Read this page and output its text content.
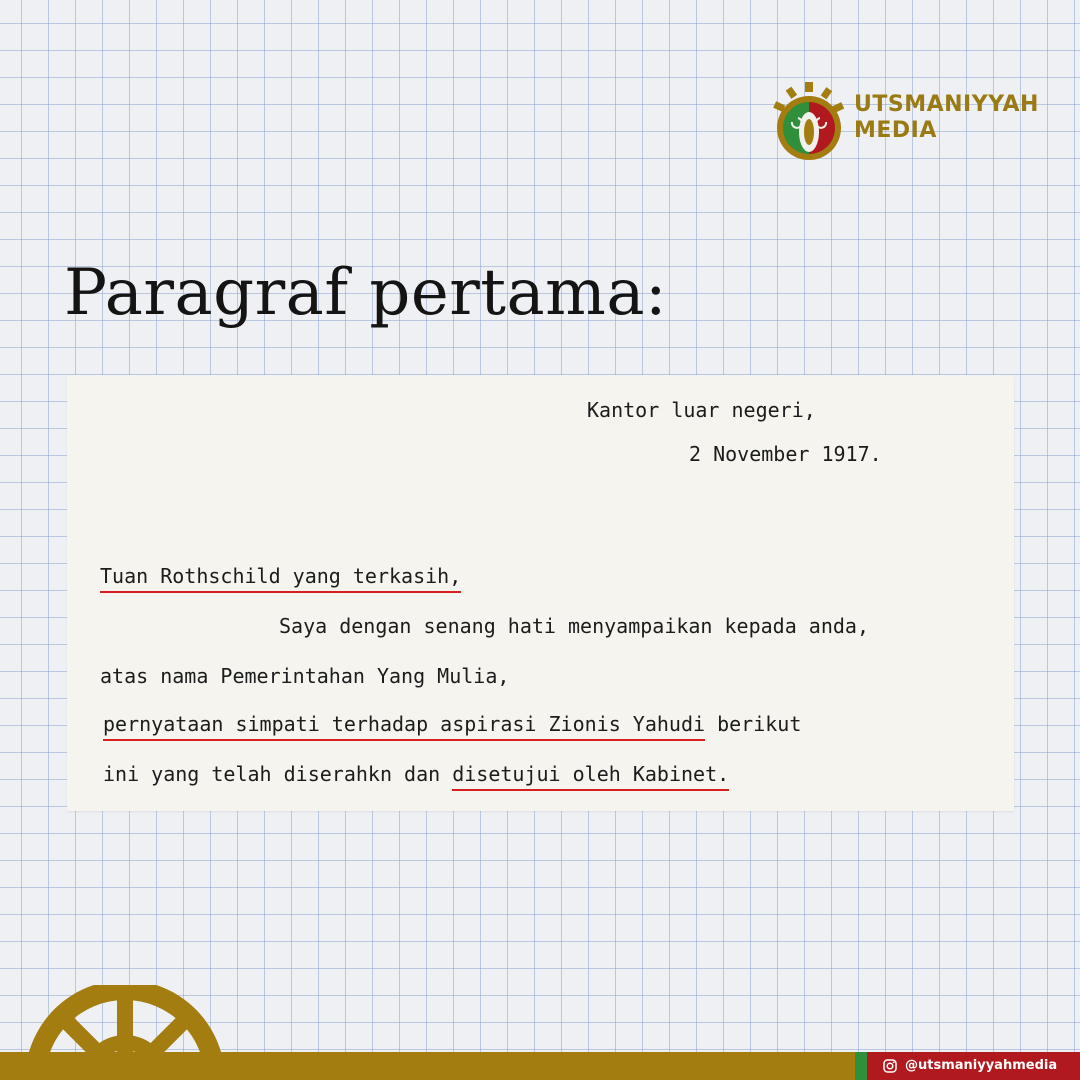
UTSMANIYYAH
MEDIA
Paragraf pertama:
Kantor luar negeri,
2 November 1917.
Tuan Rothschild yang terkasih,
Saya dengan senang hati menyampaikan kepada anda,
atas nama Pemerintahan Yang Mulia,
pernyataan simpati terhadap aspirasi Zionis Yahudi berikut
ini yang telah diserahkn dan disetujui oleh Kabinet.
@utsmaniyyahmedia
